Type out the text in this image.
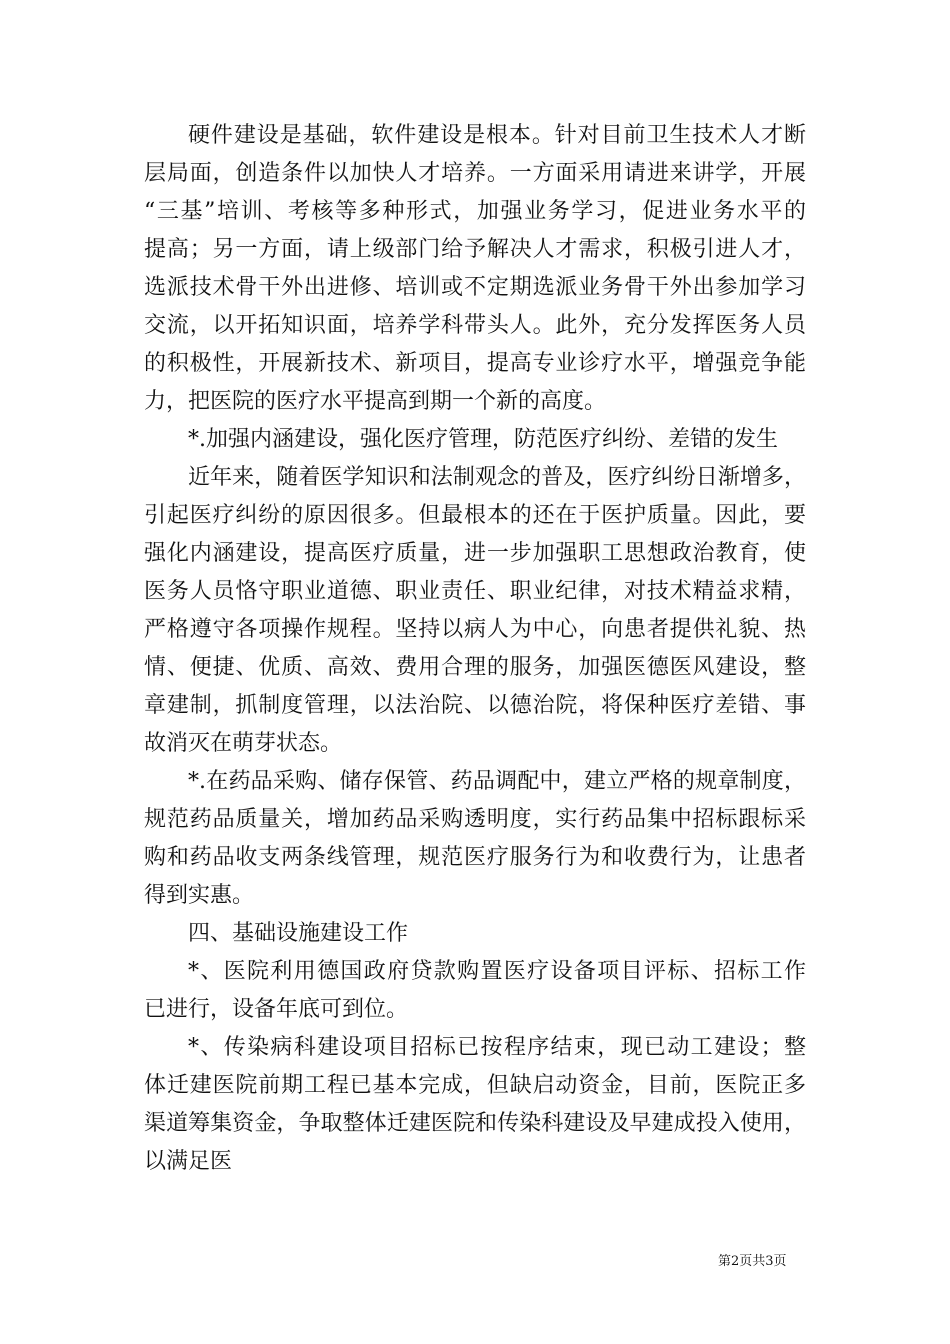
硬件建设是基础，软件建设是根本。针对目前卫生技术人才断
层局面，创造条件以加快人才培养。一方面采用请进来讲学，开展
“三基”培训、考核等多种形式，加强业务学习，促进业务水平的
提高；另一方面，请上级部门给予解决人才需求，积极引进人才，
选派技术骨干外出进修、培训或不定期选派业务骨干外出参加学习
交流，以开拓知识面，培养学科带头人。此外，充分发挥医务人员
的积极性，开展新技术、新项目，提高专业诊疗水平，增强竞争能
力，把医院的医疗水平提高到期一个新的高度。
*.加强内涵建设，强化医疗管理，防范医疗纠纷、差错的发生
近年来，随着医学知识和法制观念的普及，医疗纠纷日渐增多，
引起医疗纠纷的原因很多。但最根本的还在于医护质量。因此，要
强化内涵建设，提高医疗质量，进一步加强职工思想政治教育，使
医务人员恪守职业道德、职业责任、职业纪律，对技术精益求精，
严格遵守各项操作规程。坚持以病人为中心，向患者提供礼貌、热
情、便捷、优质、高效、费用合理的服务，加强医德医风建设，整
章建制，抓制度管理，以法治院、以德治院，将保种医疗差错、事
故消灭在萌芽状态。
*.在药品采购、储存保管、药品调配中，建立严格的规章制度，
规范药品质量关，增加药品采购透明度，实行药品集中招标跟标采
购和药品收支两条线管理，规范医疗服务行为和收费行为，让患者
得到实惠。
四、基础设施建设工作
*、医院利用德国政府贷款购置医疗设备项目评标、招标工作
已进行，设备年底可到位。
*、传染病科建设项目招标已按程序结束，现已动工建设；整
体迁建医院前期工程已基本完成，但缺启动资金，目前，医院正多
渠道筹集资金，争取整体迁建医院和传染科建设及早建成投入使用，
以满足医
第2页共3页
